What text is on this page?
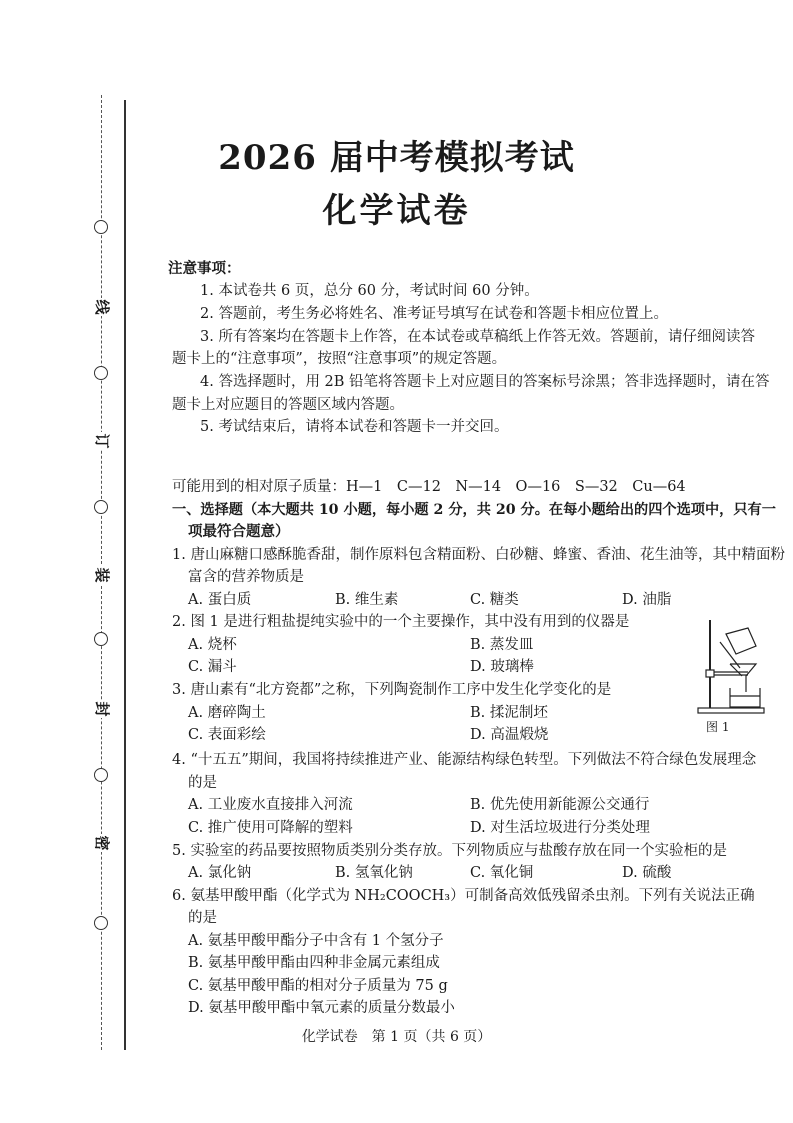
线
订
装
封
密
2026 届中考模拟考试
化学试卷
注意事项：
1. 本试卷共 6 页，总分 60 分，考试时间 60 分钟。
2. 答题前，考生务必将姓名、准考证号填写在试卷和答题卡相应位置上。
3. 所有答案均在答题卡上作答，在本试卷或草稿纸上作答无效。答题前，请仔细阅读答
题卡上的“注意事项”，按照“注意事项”的规定答题。
4. 答选择题时，用 2B 铅笔将答题卡上对应题目的答案标号涂黑；答非选择题时，请在答
题卡上对应题目的答题区域内答题。
5. 考试结束后，请将本试卷和答题卡一并交回。
可能用到的相对原子质量：H—1　C—12　N—14　O—16　S—32　Cu—64
一、选择题（本大题共 10 小题，每小题 2 分，共 20 分。在每小题给出的四个选项中，只有一
项最符合题意）
1. 唐山麻糖口感酥脆香甜，制作原料包含精面粉、白砂糖、蜂蜜、香油、花生油等，其中精面粉
富含的营养物质是
A. 蛋白质	B. 维生素	C. 糖类	D. 油脂
2. 图 1 是进行粗盐提纯实验中的一个主要操作，其中没有用到的仪器是
A. 烧杯	B. 蒸发皿
C. 漏斗	D. 玻璃棒
3. 唐山素有“北方瓷都”之称，下列陶瓷制作工序中发生化学变化的是
A. 磨碎陶土	B. 揉泥制坯
C. 表面彩绘	D. 高温煅烧	图 1
4. “十五五”期间，我国将持续推进产业、能源结构绿色转型。下列做法不符合绿色发展理念
的是
A. 工业废水直接排入河流	B. 优先使用新能源公交通行
C. 推广使用可降解的塑料	D. 对生活垃圾进行分类处理
5. 实验室的药品要按照物质类别分类存放。下列物质应与盐酸存放在同一个实验柜的是
A. 氯化钠	B. 氢氧化钠	C. 氧化铜	D. 硫酸
6. 氨基甲酸甲酯（化学式为 NH₂COOCH₃）可制备高效低残留杀虫剂。下列有关说法正确
的是
A. 氨基甲酸甲酯分子中含有 1 个氢分子
B. 氨基甲酸甲酯由四种非金属元素组成
C. 氨基甲酸甲酯的相对分子质量为 75 g
D. 氨基甲酸甲酯中氧元素的质量分数最小
化学试卷　第 1 页（共 6 页）
